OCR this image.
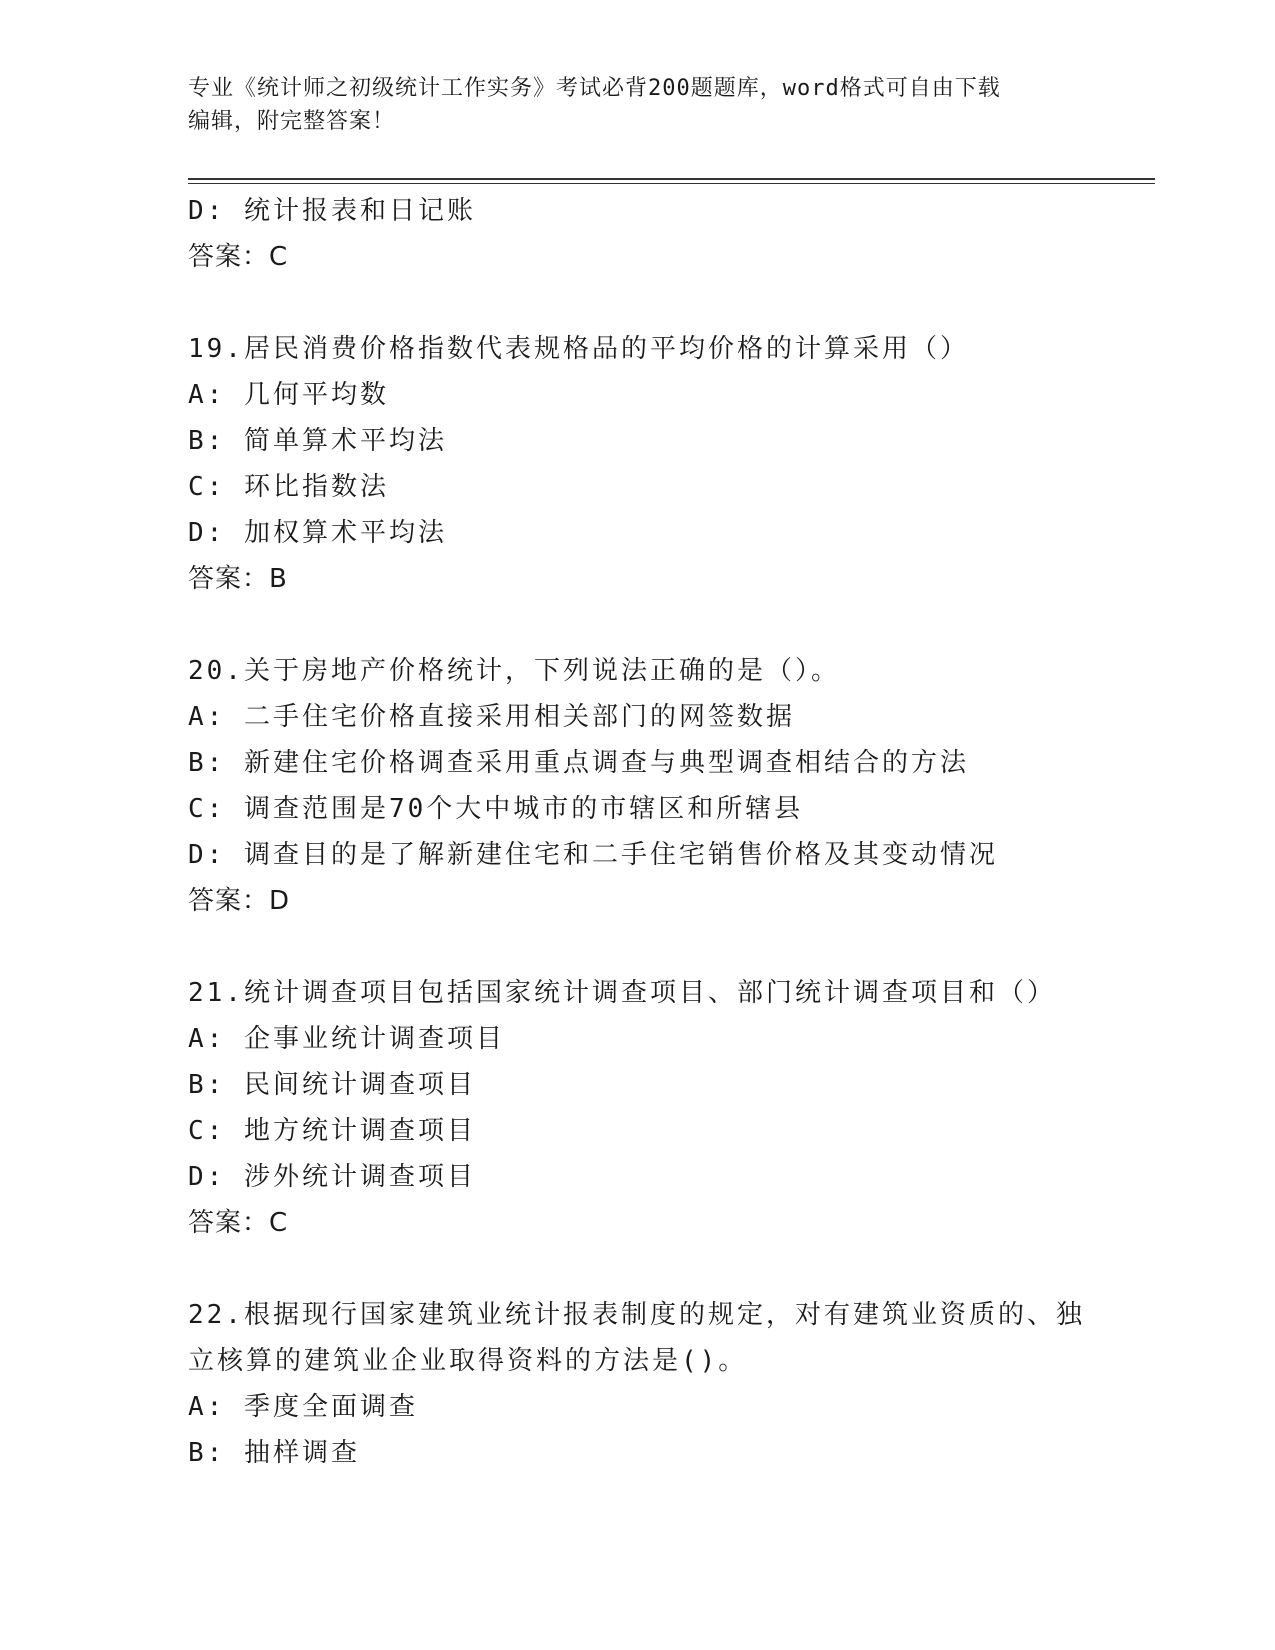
专业《统计师之初级统计工作实务》考试必背200题题库，word格式可自由下载
编辑，附完整答案！
D: 统计报表和日记账
答案：C
19.居民消费价格指数代表规格品的平均价格的计算采用（）
A: 几何平均数
B: 简单算术平均法
C: 环比指数法
D: 加权算术平均法
答案：B
20.关于房地产价格统计，下列说法正确的是（）。
A: 二手住宅价格直接采用相关部门的网签数据
B: 新建住宅价格调查采用重点调查与典型调查相结合的方法
C: 调查范围是70个大中城市的市辖区和所辖县
D: 调查目的是了解新建住宅和二手住宅销售价格及其变动情况
答案：D
21.统计调查项目包括国家统计调查项目、部门统计调查项目和（）
A: 企事业统计调查项目
B: 民间统计调查项目
C: 地方统计调查项目
D: 涉外统计调查项目
答案：C
22.根据现行国家建筑业统计报表制度的规定，对有建筑业资质的、独
立核算的建筑业企业取得资料的方法是()。
A: 季度全面调查
B: 抽样调查
